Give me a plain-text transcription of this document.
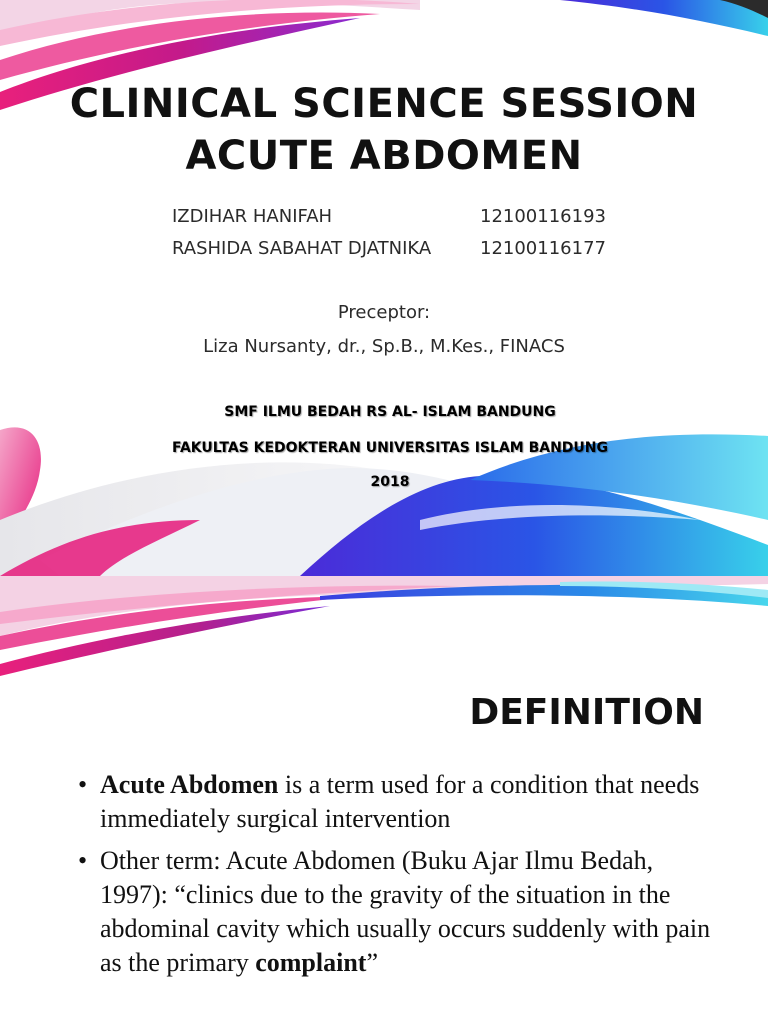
CLINICAL SCIENCE SESSION
ACUTE ABDOMEN
IZDIHAR HANIFAH	12100116193
RASHIDA SABAHAT DJATNIKA	12100116177
Preceptor:
Liza Nursanty, dr., Sp.B., M.Kes., FINACS
SMF ILMU BEDAH RS AL- ISLAM BANDUNG
FAKULTAS KEDOKTERAN UNIVERSITAS ISLAM BANDUNG
2018
DEFINITION
• Acute Abdomen is a term used for a condition that needs immediately surgical intervention
• Other term: Acute Abdomen (Buku Ajar Ilmu Bedah, 1997): “clinics due to the gravity of the situation in the abdominal cavity which usually occurs suddenly with pain as the primary complaint”
